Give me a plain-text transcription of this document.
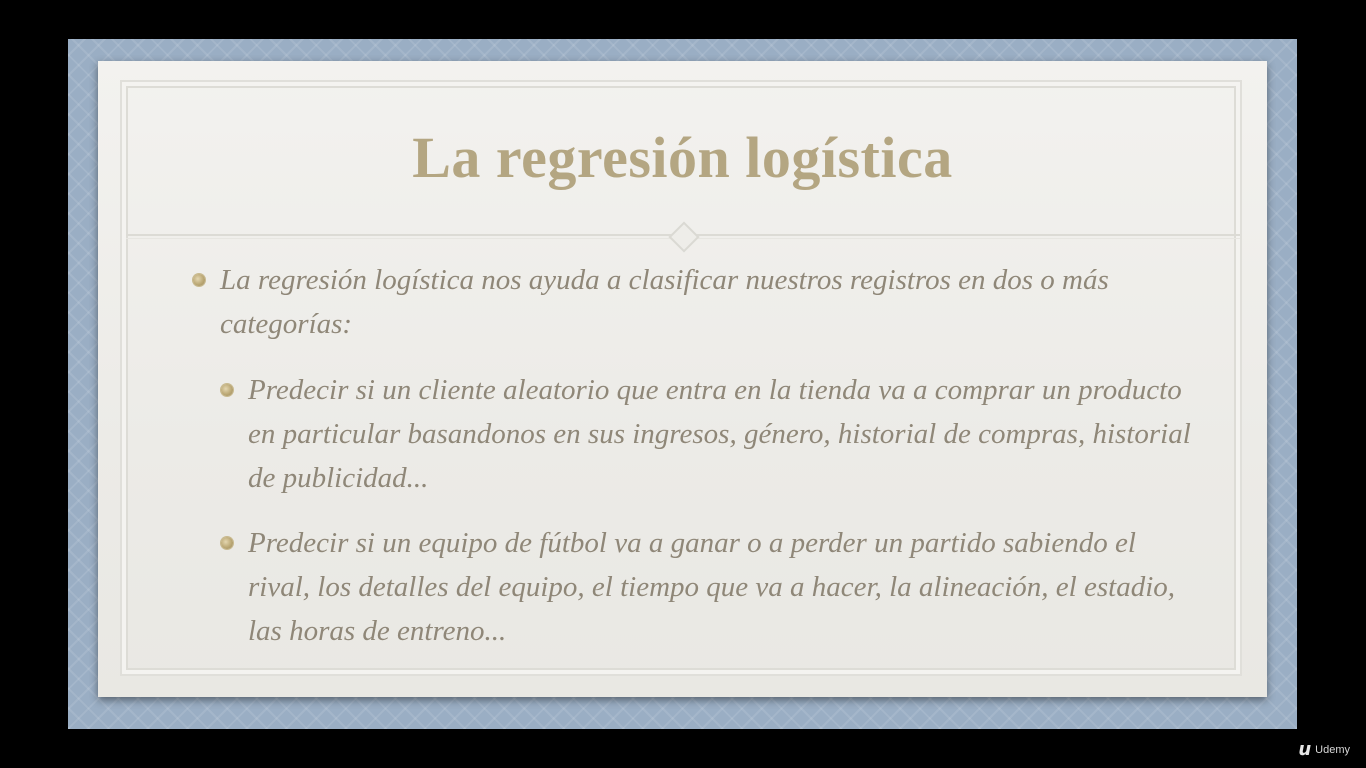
La regresión logística
La regresión logística nos ayuda a clasificar nuestros registros en dos o más categorías:
Predecir si un cliente aleatorio que entra en la tienda va a comprar un producto en particular basandonos en sus ingresos, género, historial de compras, historial de publicidad...
Predecir si un equipo de fútbol va a ganar o a perder un partido sabiendo el rival, los detalles del equipo, el tiempo que va a hacer, la alineación, el estadio, las horas de entreno...
u Udemy
